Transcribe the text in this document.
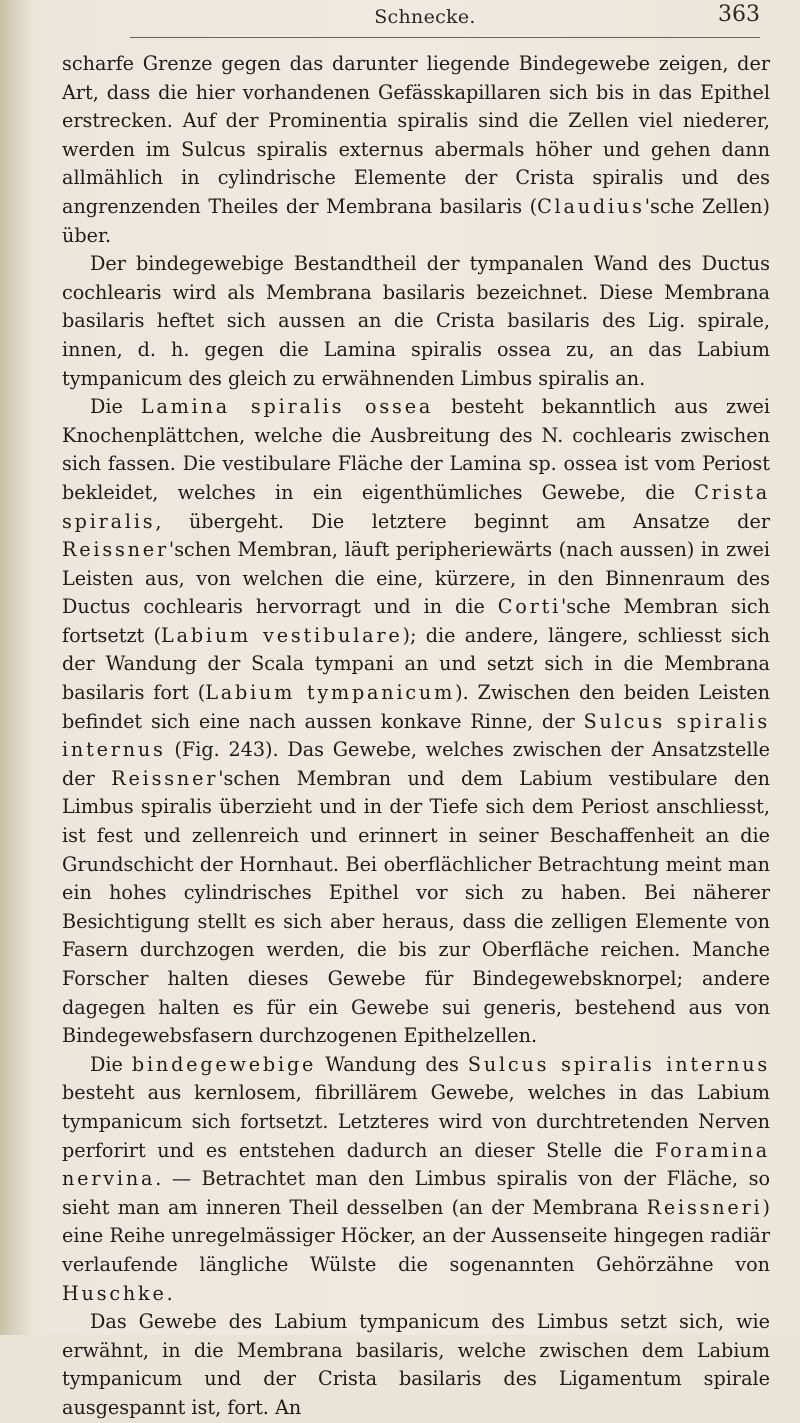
Schnecke.	363

scharfe Grenze gegen das darunter liegende Bindegewebe zeigen, der Art, dass die hier vorhandenen Gefässkapillaren sich bis in das Epithel erstrecken. Auf der Prominentia spiralis sind die Zellen viel niederer, werden im Sulcus spiralis externus abermals höher und gehen dann allmählich in cylindrische Elemente der Crista spiralis und des angrenzenden Theiles der Membrana basilaris (Claudius'sche Zellen) über.

Der bindegewebige Bestandtheil der tympanalen Wand des Ductus cochlearis wird als Membrana basilaris bezeichnet. Diese Membrana basilaris heftet sich aussen an die Crista basilaris des Lig. spirale, innen, d. h. gegen die Lamina spiralis ossea zu, an das Labium tympanicum des gleich zu erwähnenden Limbus spiralis an.

Die Lamina spiralis ossea besteht bekanntlich aus zwei Knochenplättchen, welche die Ausbreitung des N. cochlearis zwischen sich fassen. Die vestibulare Fläche der Lamina sp. ossea ist vom Periost bekleidet, welches in ein eigenthümliches Gewebe, die Crista spiralis, übergeht. Die letztere beginnt am Ansatze der Reissner'schen Membran, läuft peripheriewärts (nach aussen) in zwei Leisten aus, von welchen die eine, kürzere, in den Binnenraum des Ductus cochlearis hervorragt und in die Corti'sche Membran sich fortsetzt (Labium vestibulare); die andere, längere, schliesst sich der Wandung der Scala tympani an und setzt sich in die Membrana basilaris fort (Labium tympanicum). Zwischen den beiden Leisten befindet sich eine nach aussen konkave Rinne, der Sulcus spiralis internus (Fig. 243). Das Gewebe, welches zwischen der Ansatzstelle der Reissner'schen Membran und dem Labium vestibulare den Limbus spiralis überzieht und in der Tiefe sich dem Periost anschliesst, ist fest und zellenreich und erinnert in seiner Beschaffenheit an die Grundschicht der Hornhaut. Bei oberflächlicher Betrachtung meint man ein hohes cylindrisches Epithel vor sich zu haben. Bei näherer Besichtigung stellt es sich aber heraus, dass die zelligen Elemente von Fasern durchzogen werden, die bis zur Oberfläche reichen. Manche Forscher halten dieses Gewebe für Bindegewebsknorpel; andere dagegen halten es für ein Gewebe sui generis, bestehend aus von Bindegewebsfasern durchzogenen Epithelzellen.

Die bindegewebige Wandung des Sulcus spiralis internus besteht aus kernlosem, fibrillärem Gewebe, welches in das Labium tympanicum sich fortsetzt. Letzteres wird von durchtretenden Nerven perforirt und es entstehen dadurch an dieser Stelle die Foramina nervina. — Betrachtet man den Limbus spiralis von der Fläche, so sieht man am inneren Theil desselben (an der Membrana Reissneri) eine Reihe unregelmässiger Höcker, an der Aussenseite hingegen radiär verlaufende längliche Wülste die sogenannten Gehörzähne von Huschke.

Das Gewebe des Labium tympanicum des Limbus setzt sich, wie erwähnt, in die Membrana basilaris, welche zwischen dem Labium tympanicum und der Crista basilaris des Ligamentum spirale ausgespannt ist, fort. An
